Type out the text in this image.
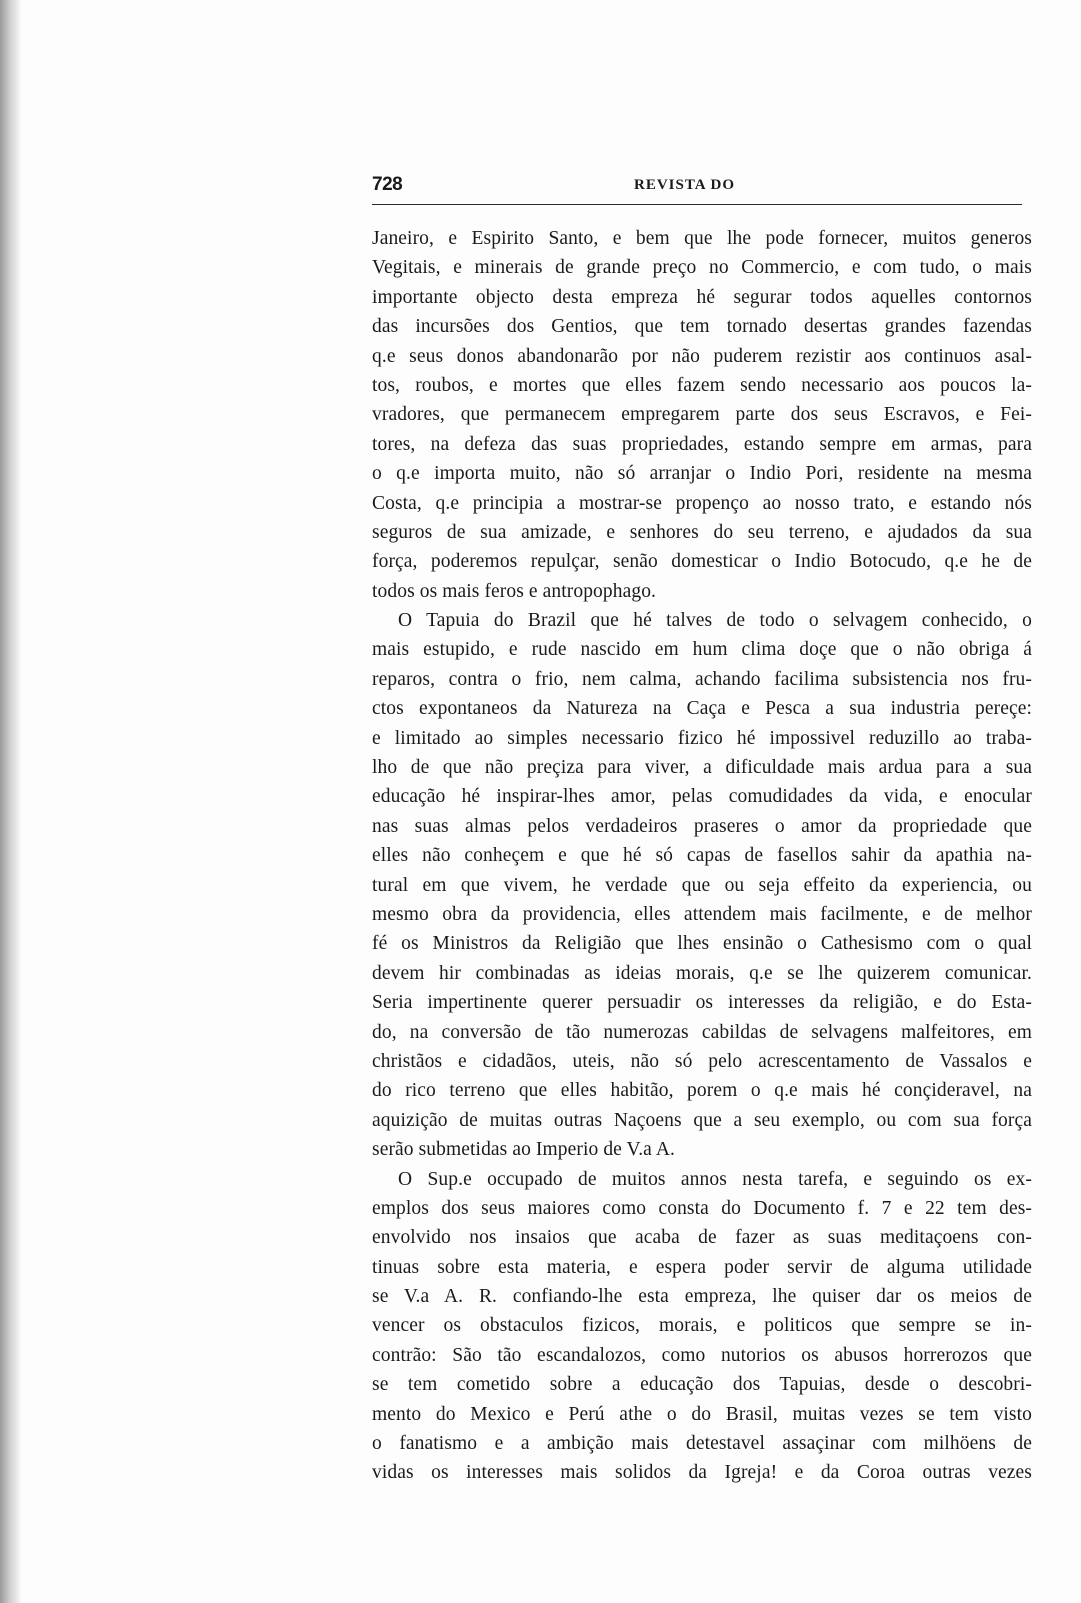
728	REVISTA DO
Janeiro, e Espirito Santo, e bem que lhe pode fornecer, muitos generos
Vegitais, e minerais de grande preço no Commercio, e com tudo, o mais
importante objecto desta empreza hé segurar todos aquelles contornos
das incursões dos Gentios, que tem tornado desertas grandes fazendas
q.e seus donos abandonarão por não puderem rezistir aos continuos asal-
tos, roubos, e mortes que elles fazem sendo necessario aos poucos la-
vradores, que permanecem empregarem parte dos seus Escravos, e Fei-
tores, na defeza das suas propriedades, estando sempre em armas, para
o q.e importa muito, não só arranjar o Indio Pori, residente na mesma
Costa, q.e principia a mostrar-se propenço ao nosso trato, e estando nós
seguros de sua amizade, e senhores do seu terreno, e ajudados da sua
força, poderemos repulçar, senão domesticar o Indio Botocudo, q.e he de
todos os mais feros e antropophago.
O Tapuia do Brazil que hé talves de todo o selvagem conhecido, o
mais estupido, e rude nascido em hum clima doçe que o não obriga á
reparos, contra o frio, nem calma, achando facilima subsistencia nos fru-
ctos expontaneos da Natureza na Caça e Pesca a sua industria pereçe:
e limitado ao simples necessario fizico hé impossivel reduzillo ao traba-
lho de que não preçiza para viver, a dificuldade mais ardua para a sua
educação hé inspirar-lhes amor, pelas comudidades da vida, e enocular
nas suas almas pelos verdadeiros praseres o amor da propriedade que
elles não conheçem e que hé só capas de fasellos sahir da apathia na-
tural em que vivem, he verdade que ou seja effeito da experiencia, ou
mesmo obra da providencia, elles attendem mais facilmente, e de melhor
fé os Ministros da Religião que lhes ensinão o Cathesismo com o qual
devem hir combinadas as ideias morais, q.e se lhe quizerem comunicar.
Seria impertinente querer persuadir os interesses da religião, e do Esta-
do, na conversão de tão numerozas cabildas de selvagens malfeitores, em
christãos e cidadãos, uteis, não só pelo acrescentamento de Vassalos e
do rico terreno que elles habitão, porem o q.e mais hé conçideravel, na
aquizição de muitas outras Naçoens que a seu exemplo, ou com sua força
serão submetidas ao Imperio de V.a A.
O Sup.e occupado de muitos annos nesta tarefa, e seguindo os ex-
emplos dos seus maiores como consta do Documento f. 7 e 22 tem des-
envolvido nos insaios que acaba de fazer as suas meditaçoens con-
tinuas sobre esta materia, e espera poder servir de alguma utilidade
se V.a A. R. confiando-lhe esta empreza, lhe quiser dar os meios de
vencer os obstaculos fizicos, morais, e politicos que sempre se in-
contrão: São tão escandalozos, como nutorios os abusos horrerozos que
se tem cometido sobre a educação dos Tapuias, desde o descobri-
mento do Mexico e Perú athe o do Brasil, muitas vezes se tem visto
o fanatismo e a ambição mais detestavel assaçinar com milhöens de
vidas os interesses mais solidos da Igreja! e da Coroa outras vezes
